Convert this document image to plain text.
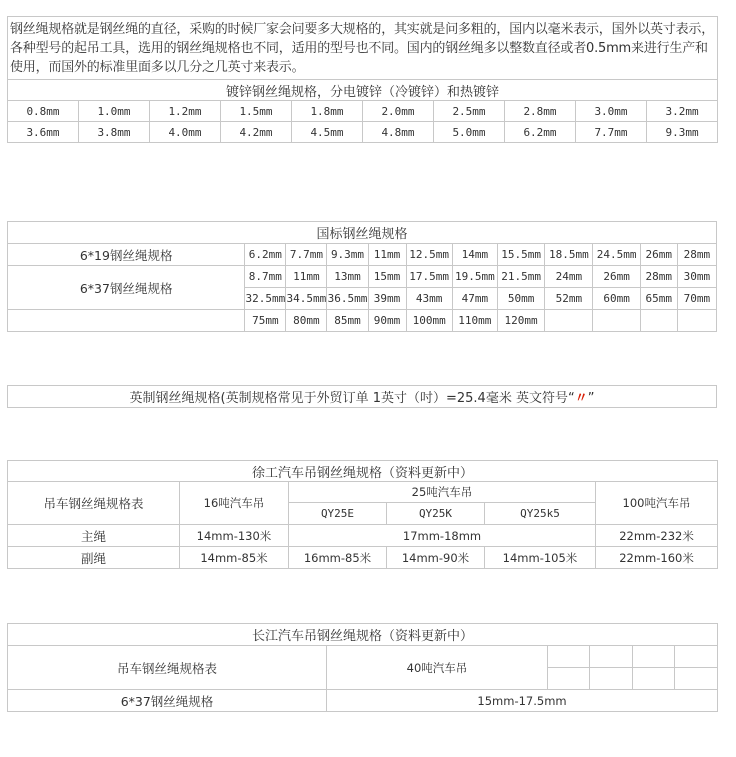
钢丝绳规格就是钢丝绳的直径，采购的时候厂家会问要多大规格的，其实就是问多粗的，国内以毫米表示，国外以英寸表示，各种型号的起吊工具，选用的钢丝绳规格也不同，适用的型号也不同。国内的钢丝绳多以整数直径或者0.5mm来进行生产和使用，而国外的标准里面多以几分之几英寸来表示。									
镀锌钢丝绳规格，分电镀锌（冷镀锌）和热镀锌									
0.8mm	1.0mm	1.2mm	1.5mm	1.8mm	2.0mm	2.5mm	2.8mm	3.0mm	3.2mm
3.6mm	3.8mm	4.0mm	4.2mm	4.5mm	4.8mm	5.0mm	6.2mm	7.7mm	9.3mm
国标钢丝绳规格											
6*19钢丝绳规格	6.2mm	7.7mm	9.3mm	11mm	12.5mm	14mm	15.5mm	18.5mm	24.5mm	26mm	28mm
6*37钢丝绳规格	8.7mm	11mm	13mm	15mm	17.5mm	19.5mm	21.5mm	24mm	26mm	28mm	30mm
	32.5mm	34.5mm	36.5mm	39mm	43mm	47mm	50mm	52mm	60mm	65mm	70mm
	75mm	80mm	85mm	90mm	100mm	110mm	120mm				
英制钢丝绳规格(英制规格常见于外贸订单 1英寸（吋）=25.4毫米 英文符号“〃”
徐工汽车吊钢丝绳规格（资料更新中）					
吊车钢丝绳规格表	16吨汽车吊	25吨汽车吊			100吨汽车吊
		QY25E	QY25K	QY25k5	
主绳	14mm-130米	17mm-18mm			22mm-232米
副绳	14mm-85米	16mm-85米	14mm-90米	14mm-105米	22mm-160米
长江汽车吊钢丝绳规格（资料更新中）					
吊车钢丝绳规格表	40吨汽车吊				

6*37钢丝绳规格	15mm-17.5mm				
